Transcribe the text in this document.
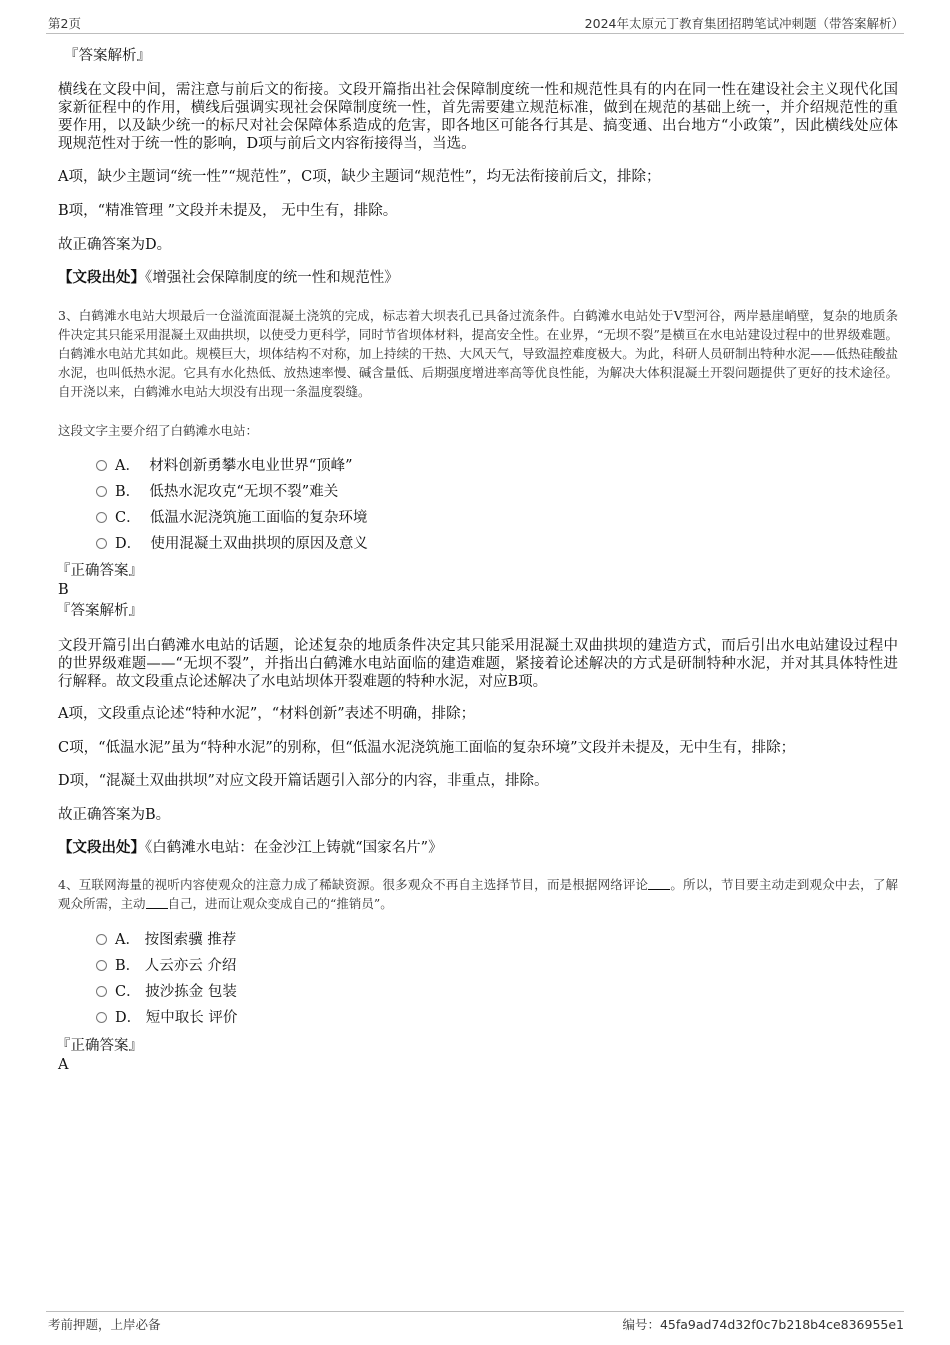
第2页	2024年太原元丁教育集团招聘笔试冲刺题（带答案解析）
『答案解析』

横线在文段中间，需注意与前后文的衔接。文段开篇指出社会保障制度统一性和规范性具有的内在同一性在建设社会主义现代化国家新征程中的作用，横线后强调实现社会保障制度统一性，首先需要建立规范标准，做到在规范的基础上统一，并介绍规范性的重要作用，以及缺少统一的标尺对社会保障体系造成的危害，即各地区可能各行其是、搞变通、出台地方“小政策”，因此横线处应体现规范性对于统一性的影响，D项与前后文内容衔接得当，当选。

A项，缺少主题词“统一性”“规范性”，C项，缺少主题词“规范性”，均无法衔接前后文，排除；

B项，“精准管理 ”文段并未提及， 无中生有，排除。

故正确答案为D。

【文段出处】《增强社会保障制度的统一性和规范性》

3、白鹤滩水电站大坝最后一仓溢流面混凝土浇筑的完成，标志着大坝表孔已具备过流条件。白鹤滩水电站处于V型河谷，两岸悬崖峭壁，复杂的地质条件决定其只能采用混凝土双曲拱坝，以使受力更科学，同时节省坝体材料，提高安全性。在业界，“无坝不裂”是横亘在水电站建设过程中的世界级难题。白鹤滩水电站尤其如此。规模巨大，坝体结构不对称，加上持续的干热、大风天气，导致温控难度极大。为此，科研人员研制出特种水泥——低热硅酸盐水泥，也叫低热水泥。它具有水化热低、放热速率慢、碱含量低、后期强度增进率高等优良性能，为解决大体积混凝土开裂问题提供了更好的技术途径。自开浇以来，白鹤滩水电站大坝没有出现一条温度裂缝。

这段文字主要介绍了白鹤滩水电站：

A． 材料创新勇攀水电业世界“顶峰”
B． 低热水泥攻克“无坝不裂”难关
C． 低温水泥浇筑施工面临的复杂环境
D． 使用混凝土双曲拱坝的原因及意义
『正确答案』
B
『答案解析』

文段开篇引出白鹤滩水电站的话题，论述复杂的地质条件决定其只能采用混凝土双曲拱坝的建造方式，而后引出水电站建设过程中的世界级难题——“无坝不裂”，并指出白鹤滩水电站面临的建造难题，紧接着论述解决的方式是研制特种水泥，并对其具体特性进行解释。故文段重点论述解决了水电站坝体开裂难题的特种水泥，对应B项。

A项，文段重点论述“特种水泥”，“材料创新”表述不明确，排除；

C项，“低温水泥”虽为“特种水泥”的别称，但“低温水泥浇筑施工面临的复杂环境”文段并未提及，无中生有，排除；

D项，“混凝土双曲拱坝”对应文段开篇话题引入部分的内容，非重点，排除。

故正确答案为B。

【文段出处】《白鹤滩水电站：在金沙江上铸就“国家名片”》

4、互联网海量的视听内容使观众的注意力成了稀缺资源。很多观众不再自主选择节目，而是根据网络评论 。所以，节目要主动走到观众中去，了解观众所需，主动 自己，进而让观众变成自己的“推销员”。

A． 按图索骥 推荐
B． 人云亦云 介绍
C． 披沙拣金 包装
D． 短中取长 评价
『正确答案』
A
考前押题，上岸必备	编号：45fa9ad74d32f0c7b218b4ce836955e1
